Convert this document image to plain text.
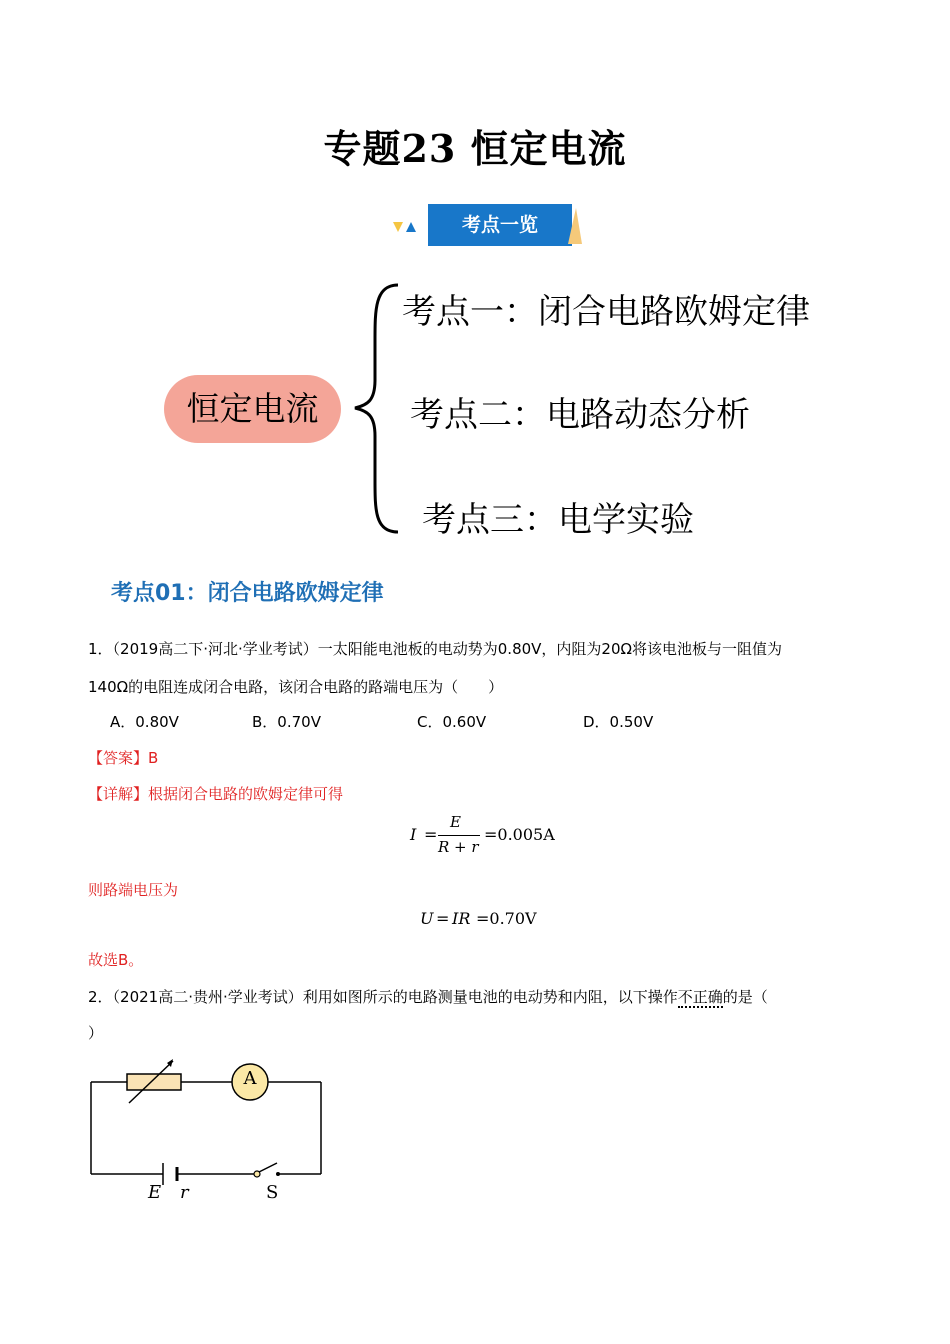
专题23 恒定电流
考点一览
恒定电流
考点一：闭合电路欧姆定律
考点二：电路动态分析
考点三：电学实验
考点01：闭合电路欧姆定律
1．（2019高二下·河北·学业考试）一太阳能电池板的电动势为0.80V，内阻为20Ω将该电池板与一阻值为
140Ω的电阻连成闭合电路，该闭合电路的路端电压为（　　）
A．0.80V	B．0.70V	C．0.60V	D．0.50V
【答案】B
【详解】根据闭合电路的欧姆定律可得
I =
E
R + r
=0.005A
则路端电压为
U = IR =0.70V
故选B。
2．（2021高二·贵州·学业考试）利用如图所示的电路测量电池的电动势和内阻，以下操作不正确的是（
）
A
E r	S
